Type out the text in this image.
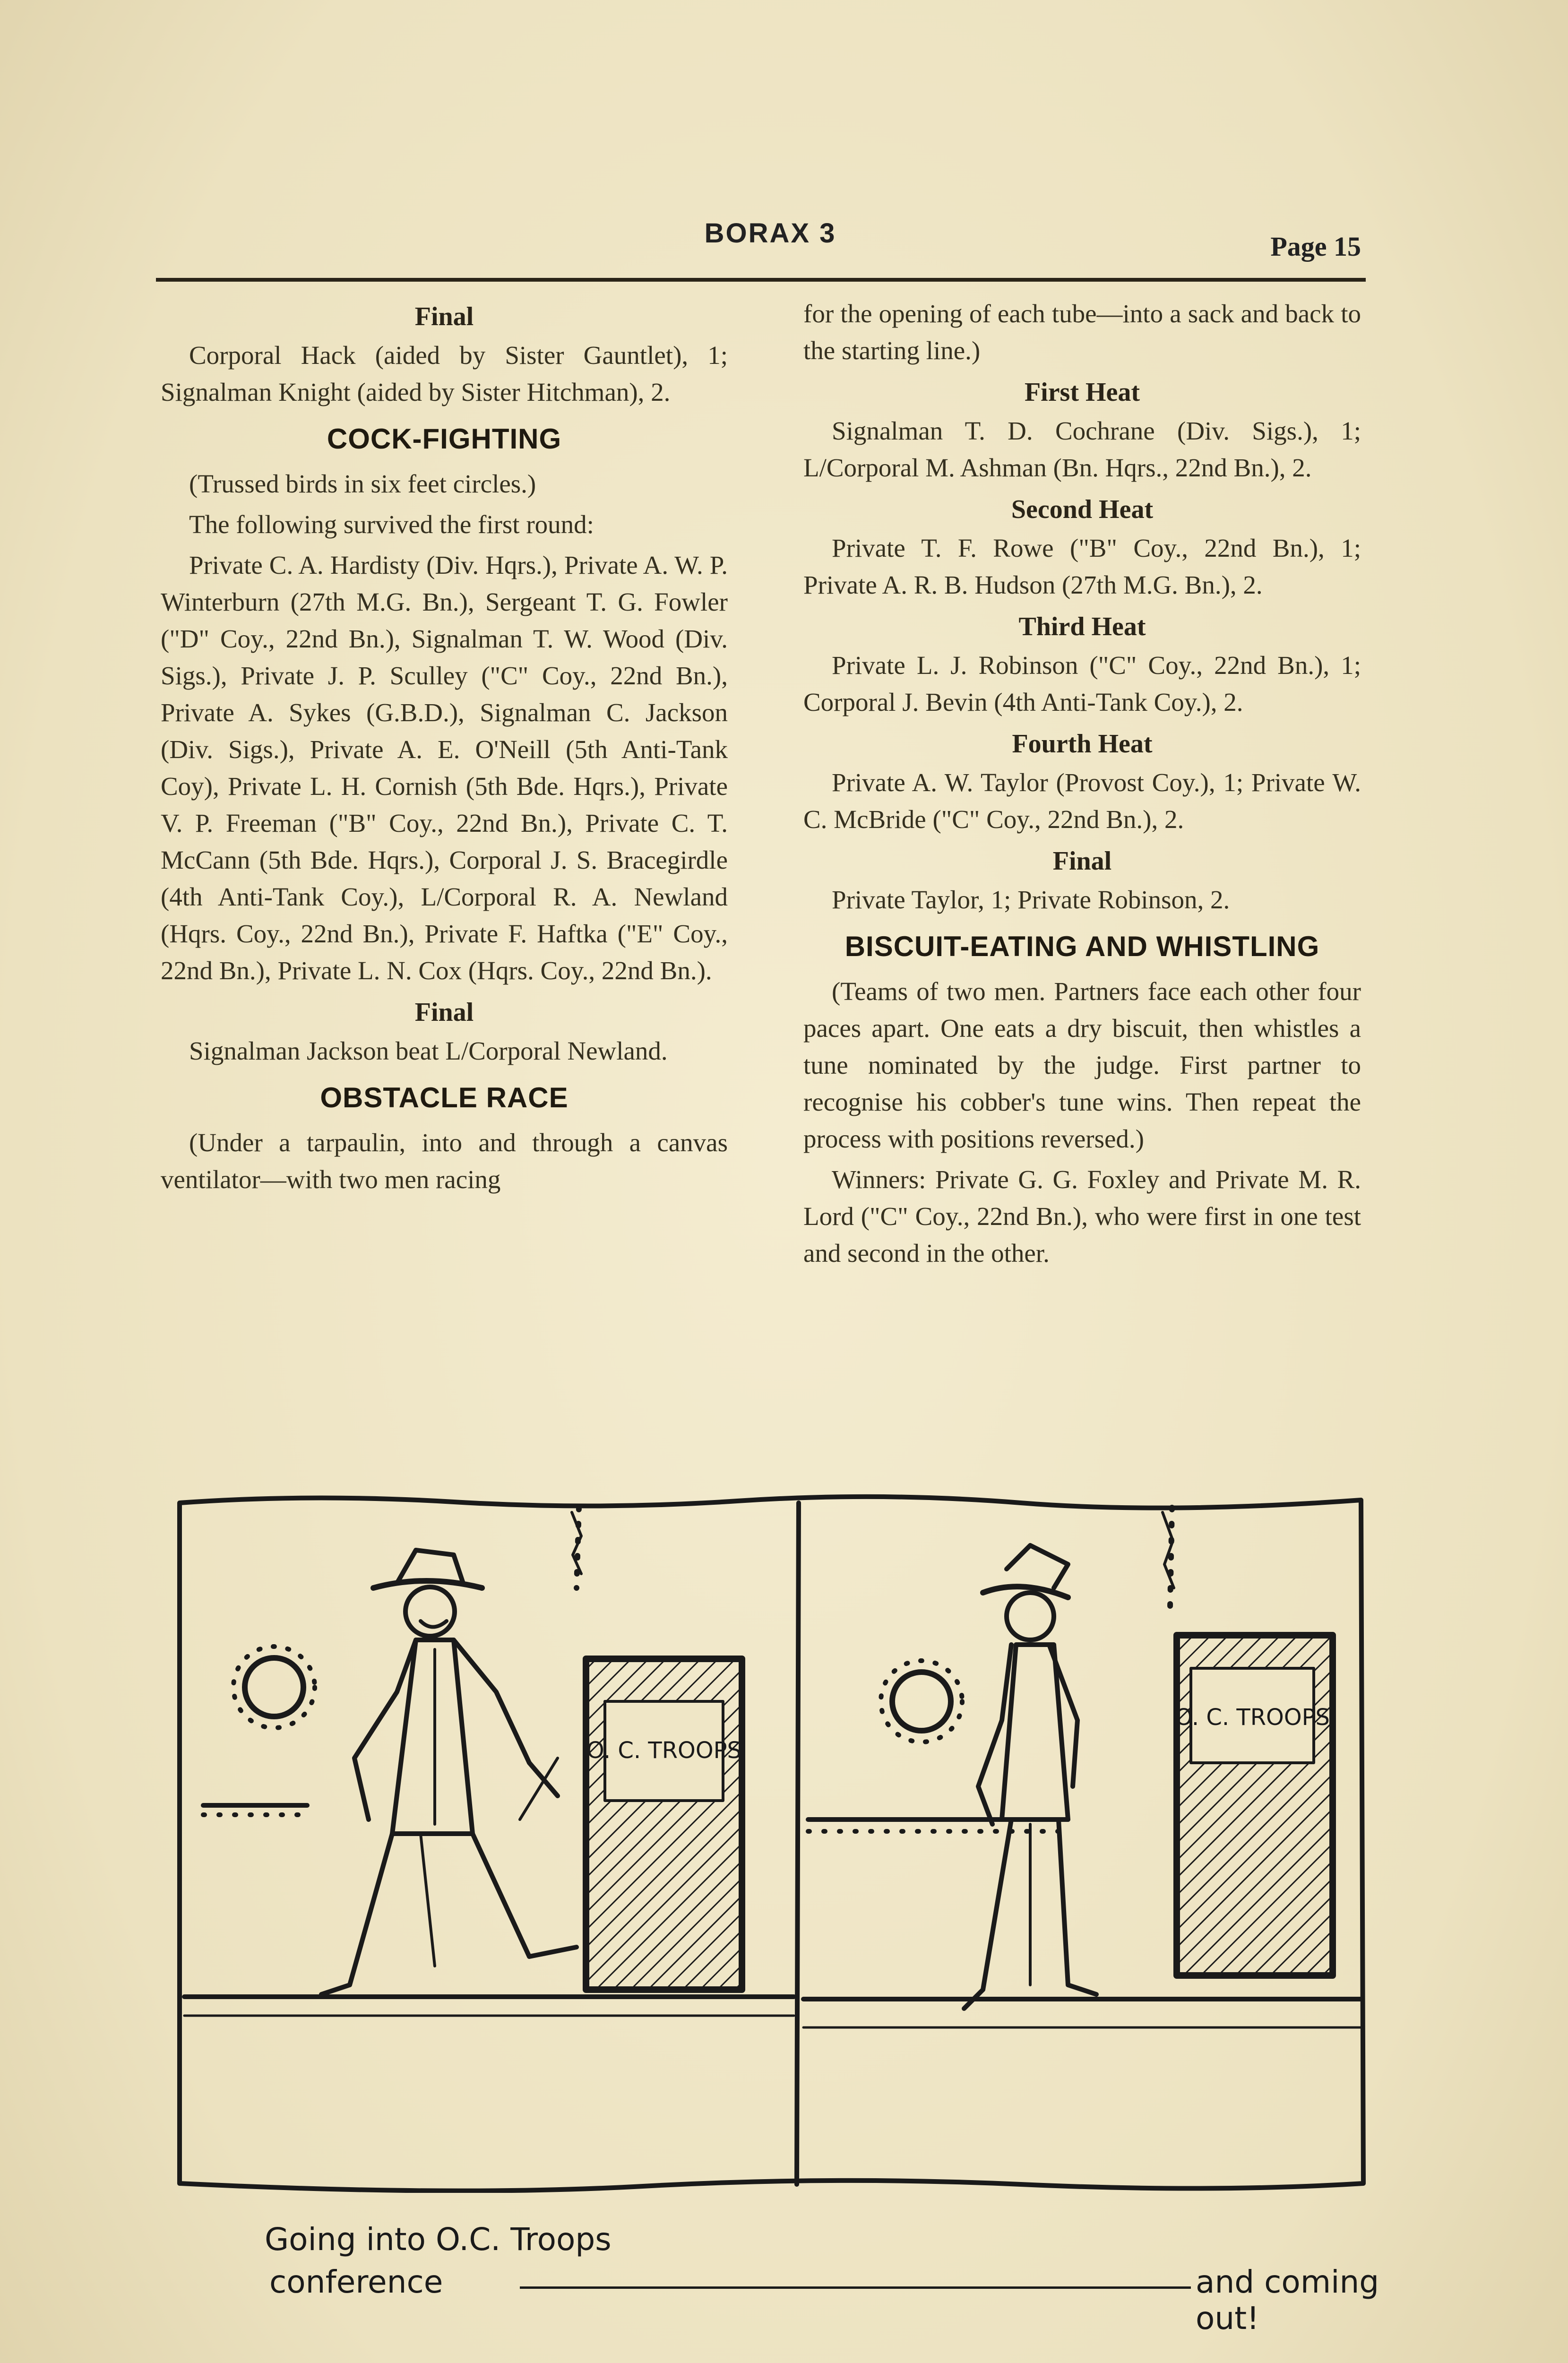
BORAX 3	Page 15
Final

Corporal Hack (aided by Sister Gauntlet), 1; Signalman Knight (aided by Sister Hitchman), 2.

COCK-FIGHTING

(Trussed birds in six feet circles.)

The following survived the first round:

Private C. A. Hardisty (Div. Hqrs.), Private A. W. P. Winterburn (27th M.G. Bn.), Sergeant T. G. Fowler ("D" Coy., 22nd Bn.), Signalman T. W. Wood (Div. Sigs.), Private J. P. Sculley ("C" Coy., 22nd Bn.), Private A. Sykes (G.B.D.), Signalman C. Jackson (Div. Sigs.), Private A. E. O'Neill (5th Anti-Tank Coy), Private L. H. Cornish (5th Bde. Hqrs.), Private V. P. Freeman ("B" Coy., 22nd Bn.), Private C. T. McCann (5th Bde. Hqrs.), Corporal J. S. Bracegirdle (4th Anti-Tank Coy.), L/Corporal R. A. Newland (Hqrs. Coy., 22nd Bn.), Private F. Haftka ("E" Coy., 22nd Bn.), Private L. N. Cox (Hqrs. Coy., 22nd Bn.).

Final

Signalman Jackson beat L/Corporal Newland.

OBSTACLE RACE

(Under a tarpaulin, into and through a canvas ventilator—with two men racing

for the opening of each tube—into a sack and back to the starting line.)

First Heat

Signalman T. D. Cochrane (Div. Sigs.), 1; L/Corporal M. Ashman (Bn. Hqrs., 22nd Bn.), 2.

Second Heat

Private T. F. Rowe ("B" Coy., 22nd Bn.), 1; Private A. R. B. Hudson (27th M.G. Bn.), 2.

Third Heat

Private L. J. Robinson ("C" Coy., 22nd Bn.), 1; Corporal J. Bevin (4th Anti-Tank Coy.), 2.

Fourth Heat

Private A. W. Taylor (Provost Coy.), 1; Private W. C. McBride ("C" Coy., 22nd Bn.), 2.

Final

Private Taylor, 1; Private Robinson, 2.

BISCUIT-EATING AND WHISTLING

(Teams of two men. Partners face each other four paces apart. One eats a dry biscuit, then whistles a tune nominated by the judge. First partner to recognise his cobber's tune wins. Then repeat the process with positions reversed.)

Winners: Private G. G. Foxley and Private M. R. Lord ("C" Coy., 22nd Bn.), who were first in one test and second in the other.

O. C. TROOPS
O. C. TROOPS
Going into O.C. Troops
conference	and coming out!
